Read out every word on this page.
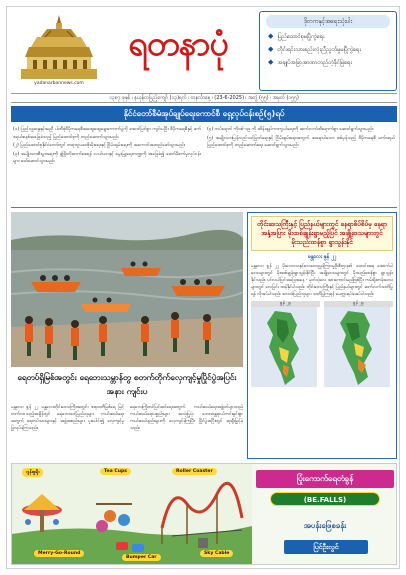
yadanarbonnews.com
ရတနာပုံ
ဒိုတကနှင့်အရေးသုံးပါး
◆ ပြည်ထောင်စုမပြိုကွဲရေး
◆ တိုင်းရင်းသားစည်းလုံးညီညွတ်မှုမပြိုကွဲရေး
◆ အချုပ်အခြာအာဏာတည်တံ့ခိုင်မြဲရေး
၁၃၈၇ ခုနှစ် ၊ နယုန်လပြည့်ကျော် (၁၃)ရက် ၊ တနင်္လာနေ့ ၊ (23-6-2025) ၊ အတွဲ (၅၅) ၊ အမှတ် (၁၅၅)
နိုင်ငံတော်စီမံအုပ်ချုပ်ရေးကောင်စီ ရှေ့လုပ်ငန်းစဉ်(၅)ရပ်

(၁) ပြည်သူ့ဆန္ဒနှင့်အညီ ပါတီစုံဒီမိုကရေစီအထွေထွေရွေးကောက်ပွဲကို အောင်မြင်စွာ ကျင်းပပြီး ဒီမိုကရေစီနှင့် ဖက်ဒရယ်စနစ်အခြေခံသည့် ပြည်ထောင်စုကို တည်ဆောက်သွားမည်။

(၂) ပြည်ထောင်စုနိုင်ငံတော်တွင် တရားဥပဒေစိုးမိုးရေးနှင့် ငြိမ်းချမ်းရေးကို အကောင်အထည်ဖော်သွားမည်။

(၃) အမျိုးသားစီးပွားရေးကို ဖွံ့ဖြိုးတိုးတက်စေရန် လယ်ယာနှင့် မွေးမြူရေးကဏ္ဍကို အခြေခံ၍ ခေတ်မီစက်မှုလုပ်ငန်းများ ဖော်ဆောင်သွားမည်။

(၄) ကပ်ရောဂါ ကိုဗစ်-၁၉ ကို ထိန်းချုပ်ကာကွယ်ရေးကို ဆက်လက်ထိရောက်စွာ ဆောင်ရွက်သွားမည်။

(၅) အမျိုးသားပြန်လည်သင့်မြတ်ရေးနှင့် ငြိမ်းချမ်းရေးအတွက် အရေးပါသော စစ်မှန်သည့် ဒီမိုကရေစီ ဖက်ဒရယ်ပြည်ထောင်စုကို တည်ဆောက်ရေး ဆောင်ရွက်သွားမည်။

တိုင်းဒေသကြီးနှင့် ပြည်နယ်များတွင် နေရာစိပ်စိပ်မှ နေရာအနှံ့အပြား မိုးထစ်ချုန်းရွာမည့်ပြင် အချို့ဒေသများတွင် မိုးသည်းထန်စွာ ရွာသွန်းနိုင်
မန္တလေး ဇွန် ၂၂
မန္တလေး ဇွန် ၂၂ မိုးလေဝသနှင့်ဇလဗေဒညွှန်ကြားမှုဦးစီးဌာန၏ သတင်းအရ အောက်ပါ ဒေသများတွင် မိုးထစ်ချုန်းရွာသွန်းနိုင်ပြီး အချို့ဒေသများတွင် မိုးသည်းထန်စွာ ရွာသွန်းနိုင်သည်။ ပင်လယ်ပြင်အခြေအနေ - မုတ်သုံလေ အားကောင်းမည်ဖြစ်ပြီး ကမ်းရိုးတန်းဒေသများတွင် လေပြင်း ထန်နိုင်ပါသည်။ တိုင်းဒေသကြီးနှင့် ပြည်နယ်များတွင် ဆက်လက်သတိပြုရန် လိုအပ်ပါသည်။ ဒေသခံပြည်သူများ သတိပြုကြရန် မေတ္တာရပ်ခံအပ်ပါသည်။
ဇွန် ၂၃	ဇွန် ၂၄
ရေတပ်ရှိမြစ်အတွင်း ရေဘေးသမ္ဘာန်တွ စတက်တိုက်လှေကျင့်မှုပြိုင်ပွဲအပြင်းအနား ကျင်းပ
မန္တလေး ဇွန် ၂၂ မန္တလေးတိုင်းဒေသကြီးအတွင်း ဧရာဝတီမြစ်ရေ မြင့်တက်လာသည့်အချိန်တွင် ရေဘေးသင့်ပြည်သူများ ကယ်ဆယ်ရေးအတွက် ရေတပ်သားများနှင့် အဖွဲ့အစည်းများ ပူးပေါင်း၍ လှေကျင့်မှု ပြုလုပ်ခဲ့ကြသည်။
ရေဘေးကြိုတင်ပြင်ဆင်ရေးအတွက် ကယ်ဆယ်ရေးအဖွဲ့ဝင်များသည် ကယ်ဆယ်ရေးပစ္စည်းများ အသုံးပြုပုံ၊ ဘေးအန္တရာယ်ကင်းရှင်းစွာ ကယ်ဆယ်နည်းများကို လေ့ကျင့်ခဲ့ကြပြီး ပြိုင်ပွဲအပြီးတွင် ဆုချီးမြှင့်ခဲ့သည်။
ဂျန်းစ္စရိုး	Tea Cups	Roller Coaster
Merry-Go-Round
Bumper Car
Sky Cable
ပြုံးကောက်ရေတံခွန်
(BE.FALLS)
အပန်းဖြေစခန်း
ပြင်ဦးလွင်
